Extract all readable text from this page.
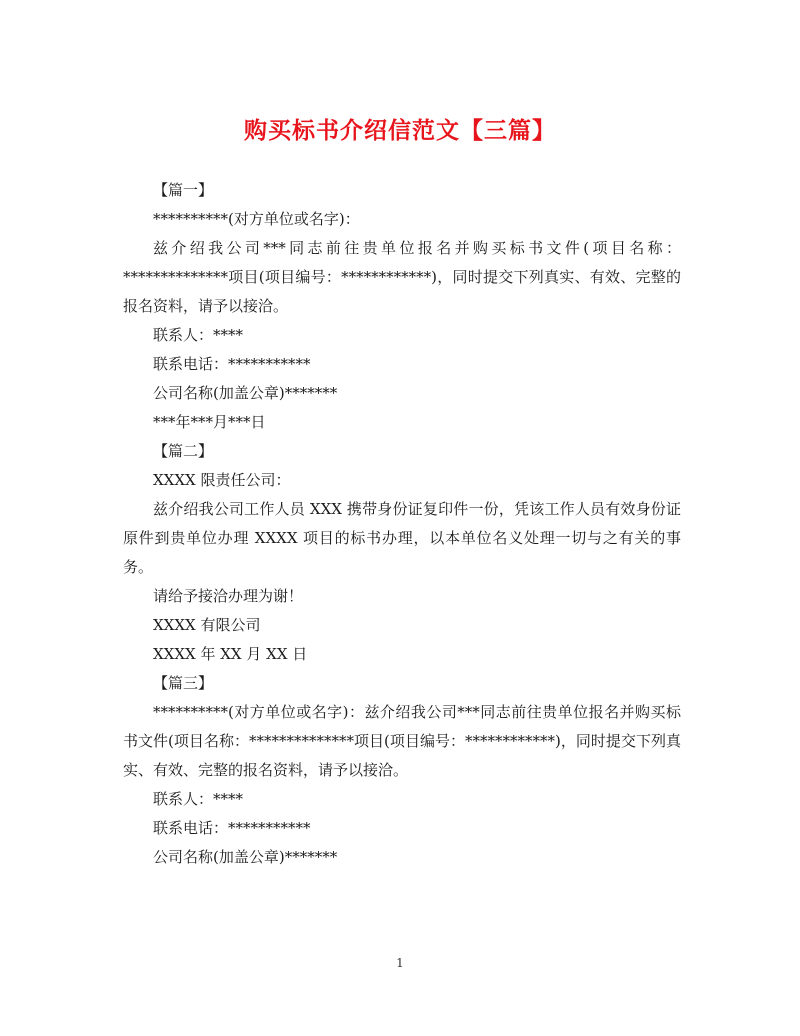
购买标书介绍信范文【三篇】

【篇一】

**********(对方单位或名字)：

兹介绍我公司***同志前往贵单位报名并购买标书文件(项目名称：**************项目(项目编号：************)，同时提交下列真实、有效、完整的报名资料，请予以接洽。

联系人：****

联系电话：***********

公司名称(加盖公章)*******

***年***月***日

【篇二】

XXXX 限责任公司：

兹介绍我公司工作人员 XXX 携带身份证复印件一份，凭该工作人员有效身份证原件到贵单位办理 XXXX 项目的标书办理，以本单位名义处理一切与之有关的事务。

请给予接洽办理为谢！

XXXX 有限公司

XXXX 年 XX 月 XX 日

【篇三】

**********(对方单位或名字)：兹介绍我公司***同志前往贵单位报名并购买标书文件(项目名称：**************项目(项目编号：************)，同时提交下列真实、有效、完整的报名资料，请予以接洽。

联系人：****

联系电话：***********

公司名称(加盖公章)*******

1
